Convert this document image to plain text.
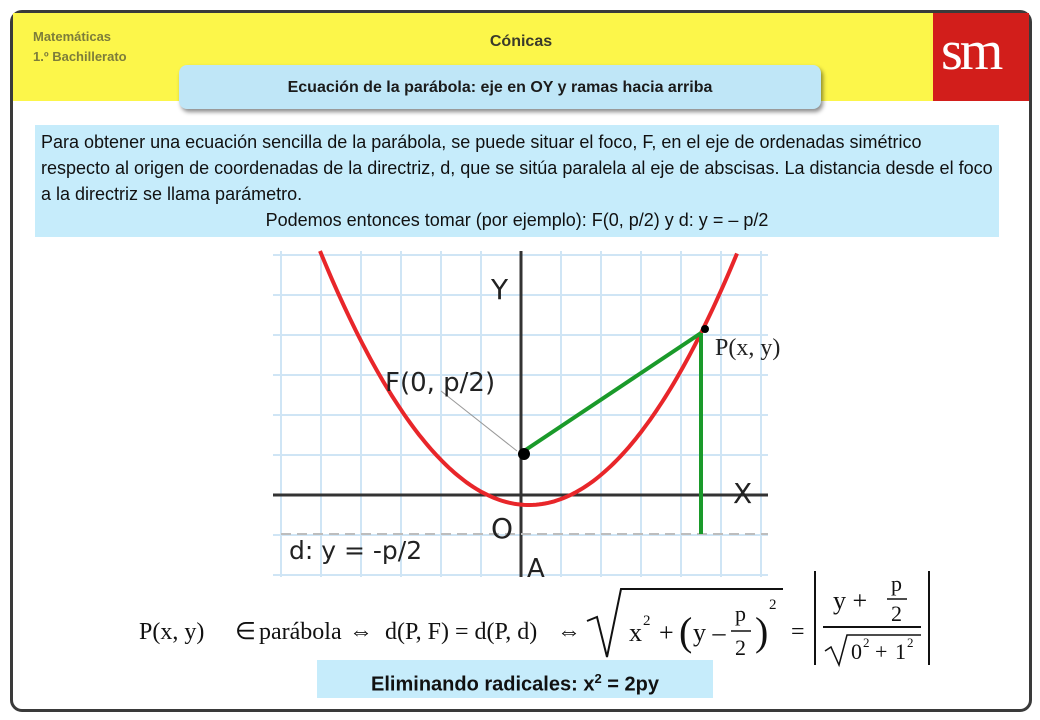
Matemáticas
1.º Bachillerato
Cónicas	sm
Ecuación de la parábola: eje en OY y ramas hacia arriba

Para obtener una ecuación sencilla de la parábola, se puede situar el foco, F, en el eje de ordenadas simétrico respecto al origen de coordenadas de la directriz, d, que se sitúa paralela al eje de abscisas. La distancia desde el foco a la directriz se llama parámetro.

Podemos entonces tomar (por ejemplo): F(0, p/2) y d: y = – p/2

Y
X
O
A
F(0, p/2)
P(x, y)
d: y = -p/2
P(x, y) ∈ parábola ⇔ d(P, F) = d(P, d) ⇔ x 2 + ( y –
p
2 )
2
=
y +
p
2
0 2 + 1 2
Eliminando radicales: $x^2 = 2py$
